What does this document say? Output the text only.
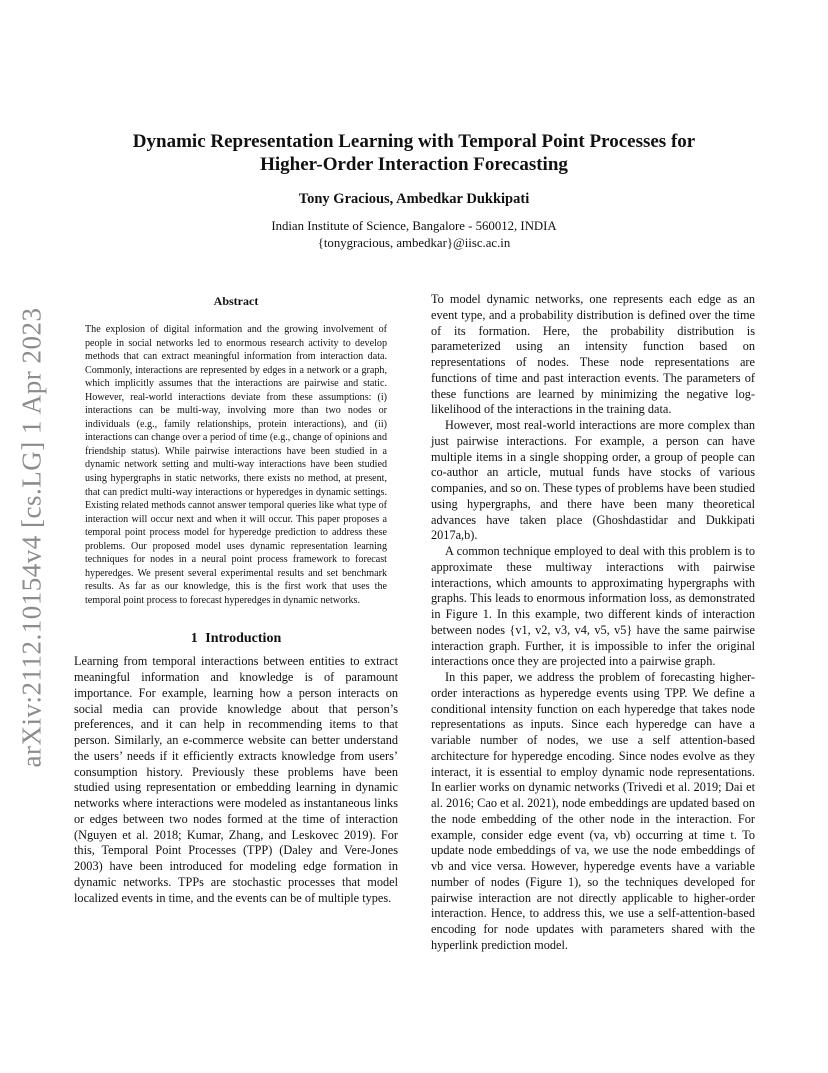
arXiv:2112.10154v4 [cs.LG] 1 Apr 2023
Dynamic Representation Learning with Temporal Point Processes for
Higher-Order Interaction Forecasting
Tony Gracious, Ambedkar Dukkipati
Indian Institute of Science, Bangalore - 560012, INDIA
{tonygracious, ambedkar}@iisc.ac.in
Abstract

The explosion of digital information and the growing involvement of people in social networks led to enormous research activity to develop methods that can extract meaningful information from interaction data. Commonly, interactions are represented by edges in a network or a graph, which implicitly assumes that the interactions are pairwise and static. However, real-world interactions deviate from these assumptions: (i) interactions can be multi-way, involving more than two nodes or individuals (e.g., family relationships, protein interactions), and (ii) interactions can change over a period of time (e.g., change of opinions and friendship status). While pairwise interactions have been studied in a dynamic network setting and multi-way interactions have been studied using hypergraphs in static networks, there exists no method, at present, that can predict multi-way interactions or hyperedges in dynamic settings. Existing related methods cannot answer temporal queries like what type of interaction will occur next and when it will occur. This paper proposes a temporal point process model for hyperedge prediction to address these problems. Our proposed model uses dynamic representation learning techniques for nodes in a neural point process framework to forecast hyperedges. We present several experimental results and set benchmark results. As far as our knowledge, this is the first work that uses the temporal point process to forecast hyperedges in dynamic networks.

1 Introduction

Learning from temporal interactions between entities to extract meaningful information and knowledge is of paramount importance. For example, learning how a person interacts on social media can provide knowledge about that person’s preferences, and it can help in recommending items to that person. Similarly, an e-commerce website can better understand the users’ needs if it efficiently extracts knowledge from users’ consumption history. Previously these problems have been studied using representation or embedding learning in dynamic networks where interactions were modeled as instantaneous links or edges between two nodes formed at the time of interaction (Nguyen et al. 2018; Kumar, Zhang, and Leskovec 2019). For this, Temporal Point Processes (TPP) (Daley and Vere-Jones 2003) have been introduced for modeling edge formation in dynamic networks. TPPs are stochastic processes that model localized events in time, and the events can be of multiple types.

To model dynamic networks, one represents each edge as an event type, and a probability distribution is defined over the time of its formation. Here, the probability distribution is parameterized using an intensity function based on representations of nodes. These node representations are functions of time and past interaction events. The parameters of these functions are learned by minimizing the negative log-likelihood of the interactions in the training data.

However, most real-world interactions are more complex than just pairwise interactions. For example, a person can have multiple items in a single shopping order, a group of people can co-author an article, mutual funds have stocks of various companies, and so on. These types of problems have been studied using hypergraphs, and there have been many theoretical advances have taken place (Ghoshdastidar and Dukkipati 2017a,b).

A common technique employed to deal with this problem is to approximate these multiway interactions with pairwise interactions, which amounts to approximating hypergraphs with graphs. This leads to enormous information loss, as demonstrated in Figure 1. In this example, two different kinds of interaction between nodes {v1, v2, v3, v4, v5, v5} have the same pairwise interaction graph. Further, it is impossible to infer the original interactions once they are projected into a pairwise graph.

In this paper, we address the problem of forecasting higher-order interactions as hyperedge events using TPP. We define a conditional intensity function on each hyperedge that takes node representations as inputs. Since each hyperedge can have a variable number of nodes, we use a self attention-based architecture for hyperedge encoding. Since nodes evolve as they interact, it is essential to employ dynamic node representations. In earlier works on dynamic networks (Trivedi et al. 2019; Dai et al. 2016; Cao et al. 2021), node embeddings are updated based on the node embedding of the other node in the interaction. For example, consider edge event (va, vb) occurring at time t. To update node embeddings of va, we use the node embeddings of vb and vice versa. However, hyperedge events have a variable number of nodes (Figure 1), so the techniques developed for pairwise interaction are not directly applicable to higher-order interaction. Hence, to address this, we use a self-attention-based encoding for node updates with parameters shared with the hyperlink prediction model.
